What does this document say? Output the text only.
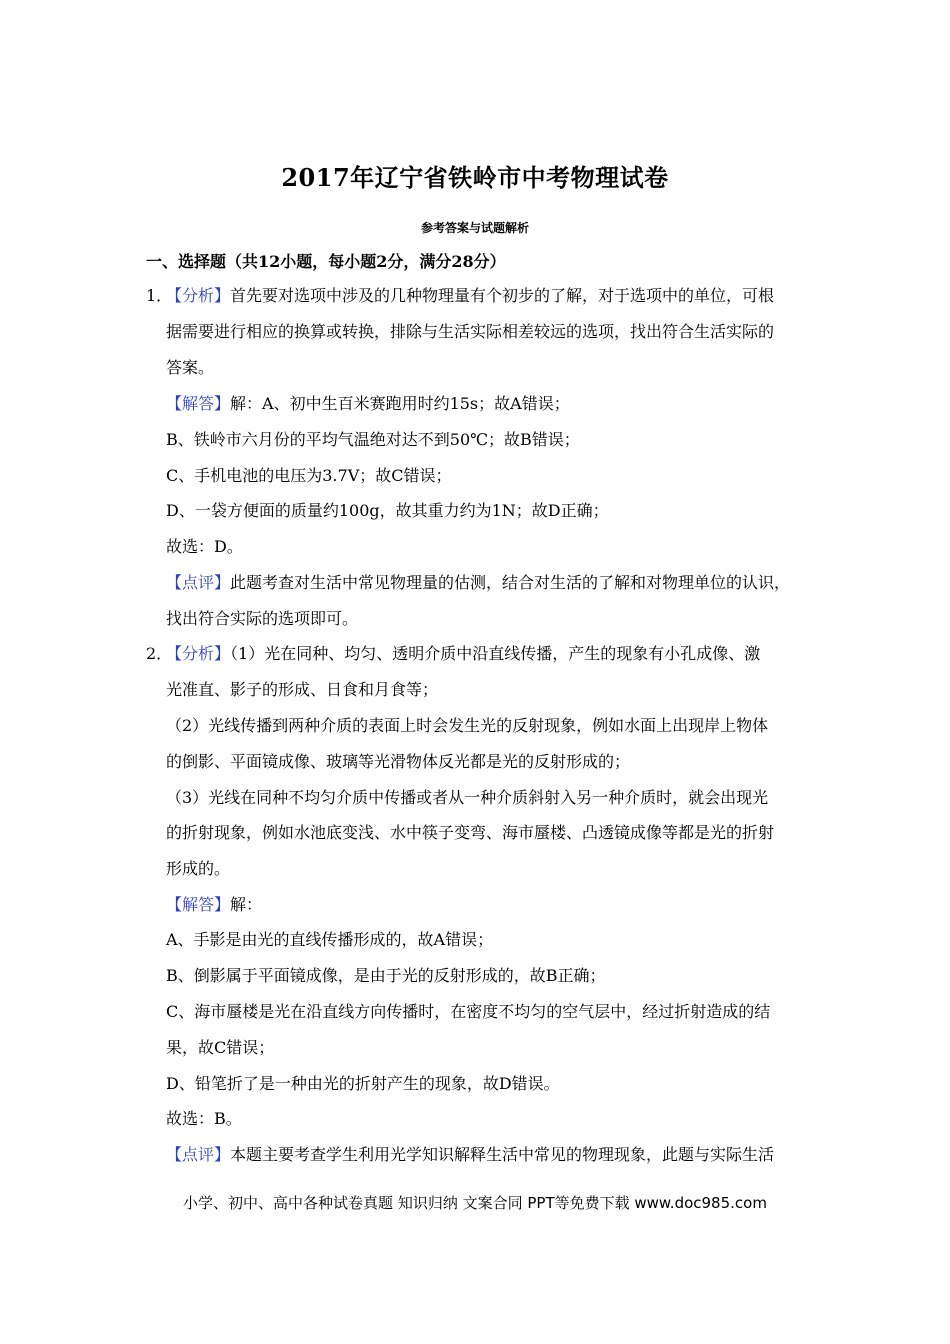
2017年辽宁省铁岭市中考物理试卷
参考答案与试题解析
一、选择题（共12小题，每小题2分，满分28分）
1．
【分析】首先要对选项中涉及的几种物理量有个初步的了解，对于选项中的单位，可根
据需要进行相应的换算或转换，排除与生活实际相差较远的选项，找出符合生活实际的
答案。
【解答】解：A、初中生百米赛跑用时约15s；故A错误；
B、铁岭市六月份的平均气温绝对达不到50℃；故B错误；
C、手机电池的电压为3.7V；故C错误；
D、一袋方便面的质量约100g，故其重力约为1N；故D正确；
故选：D。
【点评】此题考查对生活中常见物理量的估测，结合对生活的了解和对物理单位的认识，
找出符合实际的选项即可。
2．
【分析】（1）光在同种、均匀、透明介质中沿直线传播，产生的现象有小孔成像、激
光准直、影子的形成、日食和月食等；
（2）光线传播到两种介质的表面上时会发生光的反射现象，例如水面上出现岸上物体
的倒影、平面镜成像、玻璃等光滑物体反光都是光的反射形成的；
（3）光线在同种不均匀介质中传播或者从一种介质斜射入另一种介质时，就会出现光
的折射现象，例如水池底变浅、水中筷子变弯、海市蜃楼、凸透镜成像等都是光的折射
形成的。
【解答】解：
A、手影是由光的直线传播形成的，故A错误；
B、倒影属于平面镜成像，是由于光的反射形成的，故B正确；
C、海市蜃楼是光在沿直线方向传播时，在密度不均匀的空气层中，经过折射造成的结
果，故C错误；
D、铅笔折了是一种由光的折射产生的现象，故D错误。
故选：B。
【点评】本题主要考查学生利用光学知识解释生活中常见的物理现象，此题与实际生活
小学、初中、高中各种试卷真题 知识归纳 文案合同 PPT等免费下载 www.doc985.com
